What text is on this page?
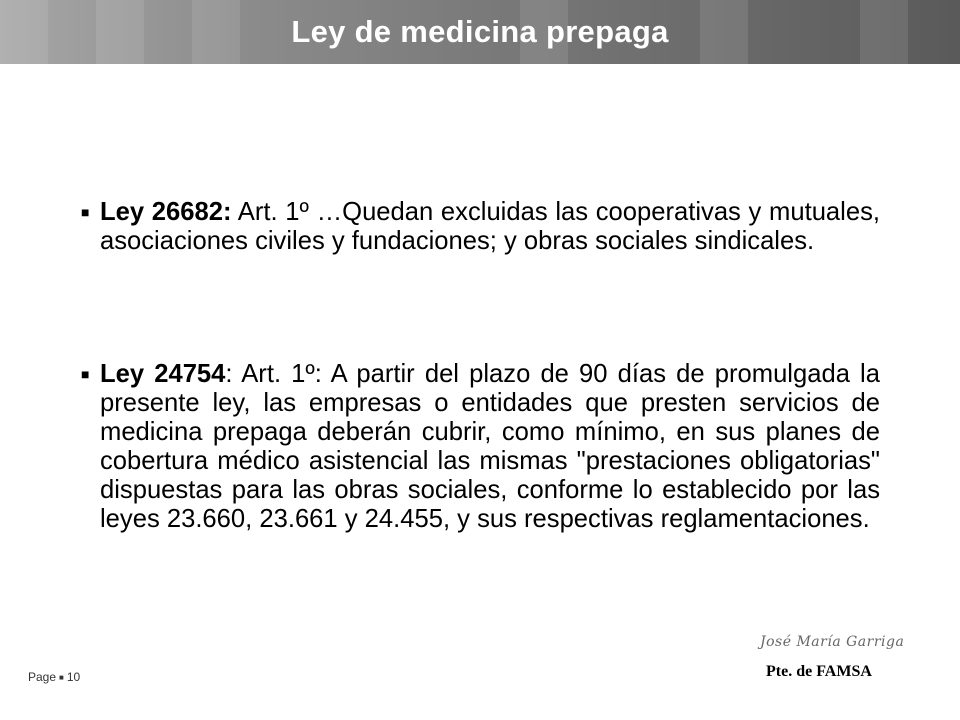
Ley de medicina prepaga
■ Ley 26682: Art. 1º …Quedan excluidas las cooperativas y mutuales, asociaciones civiles y fundaciones; y obras sociales sindicales.
■ Ley 24754: Art. 1º: A partir del plazo de 90 días de promulgada la presente ley, las empresas o entidades que presten servicios de medicina prepaga deberán cubrir, como mínimo, en sus planes de cobertura médico asistencial las mismas "prestaciones obligatorias" dispuestas para las obras sociales, conforme lo establecido por las leyes 23.660, 23.661 y 24.455, y sus respectivas reglamentaciones.
Page ■ 10
José María Garriga
Pte. de FAMSA
